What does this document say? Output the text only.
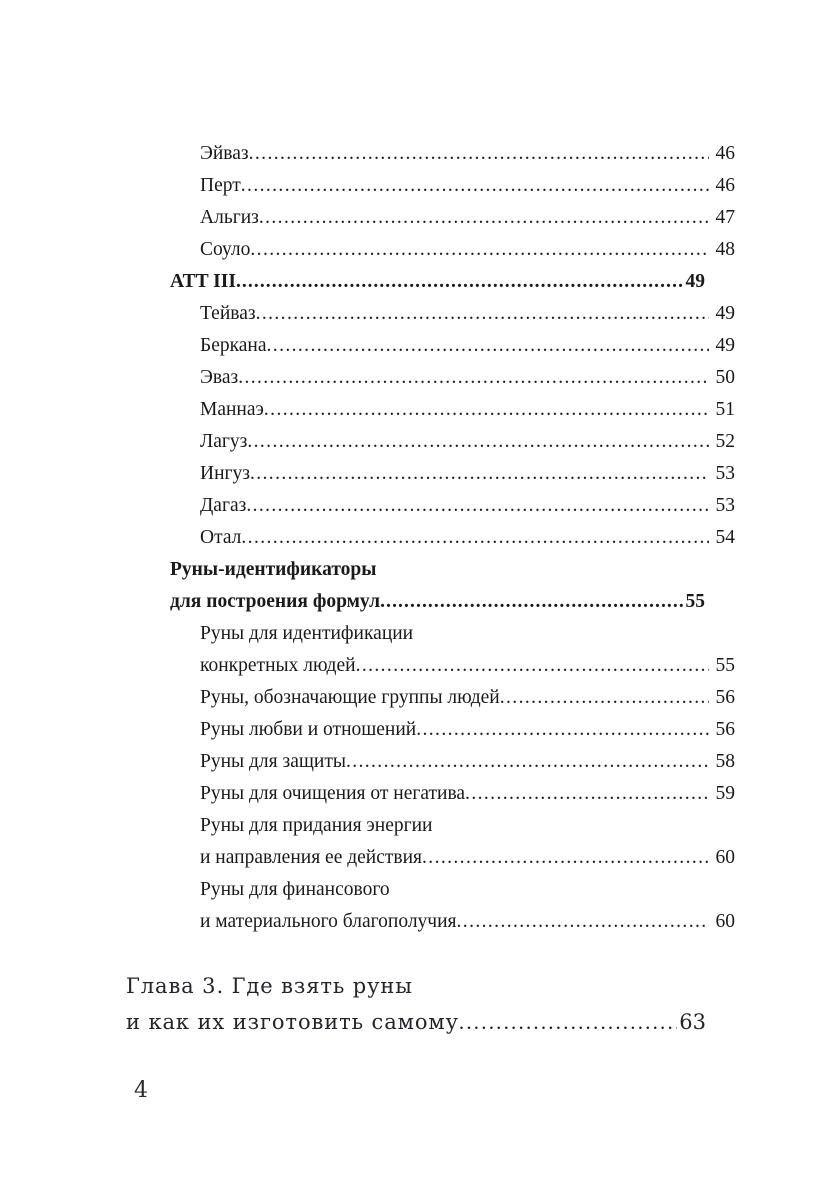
Эйваз .....	46
Перт .....	46
Альгиз .....	47
Соуло .....	48
ATT III .....	49
Тейваз .....	49
Беркана .....	49
Эваз .....	50
Маннаэ .....	51
Лагуз .....	52
Ингуз .....	53
Дагаз .....	53
Отал .....	54
Руны-идентификаторы
для построения формул .....	55
Руны для идентификации
конкретных людей .....	55
Руны, обозначающие группы людей .....	56
Руны любви и отношений .....	56
Руны для защиты .....	58
Руны для очищения от негатива .....	59
Руны для придания энергии
и направления ее действия .....	60
Руны для финансового
и материального благополучия .....	60
Глава 3. Где взять руны
и как их изготовить самому .....	63
4
